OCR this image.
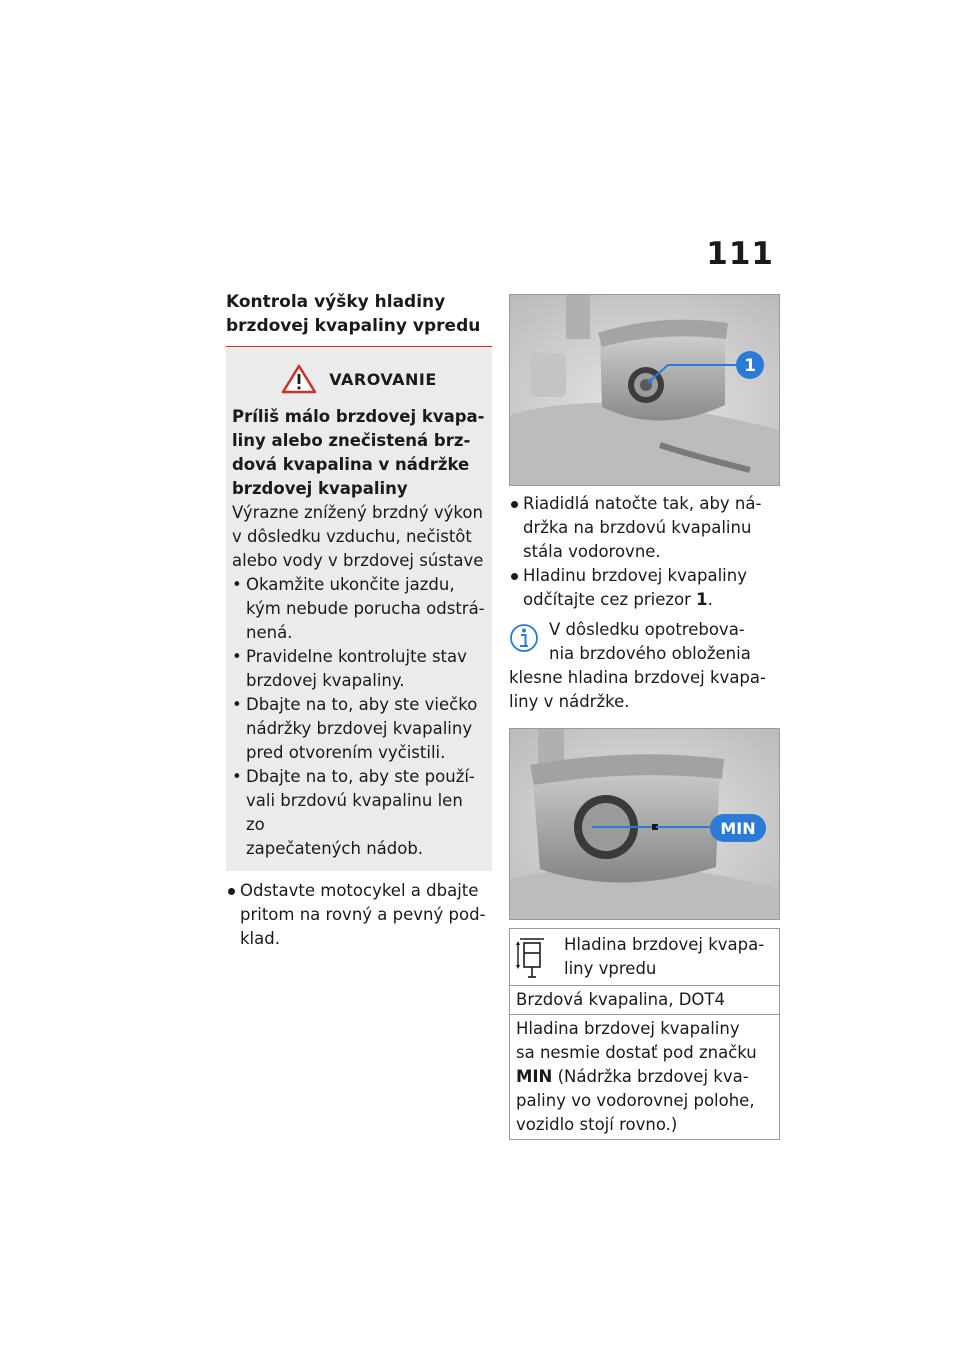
111
Kontrola výšky hladiny
brzdovej kvapaliny vpredu
VAROVANIE
Príliš málo brzdovej kvapa-
liny alebo znečistená brz-
dová kvapalina v nádržke
brzdovej kvapaliny
Výrazne znížený brzdný výkon
v dôsledku vzduchu, nečistôt
alebo vody v brzdovej sústave
• Okamžite ukončite jazdu,
kým nebude porucha odstrá-
nená.
• Pravidelne kontrolujte stav
brzdovej kvapaliny.
• Dbajte na to, aby ste viečko
nádržky brzdovej kvapaliny
pred otvorením vyčistili.
• Dbajte na to, aby ste použí-
vali brzdovú kvapalinu len zo
zapečatených nádob.
Odstavte motocykel a dbajte
pritom na rovný a pevný pod-
klad.
1
Riadidlá natočte tak, aby ná-
držka na brzdovú kvapalinu
stála vodorovne.
Hladinu brzdovej kvapaliny
odčítajte cez priezor 1.
V dôsledku opotrebova-
nia brzdového obloženia
klesne hladina brzdovej kvapa-
liny v nádržke.
MIN
Hladina brzdovej kvapa-
liny vpredu
Brzdová kvapalina, DOT4
Hladina brzdovej kvapaliny
sa nesmie dostať pod značku
MIN (Nádržka brzdovej kva-
paliny vo vodorovnej polohe,
vozidlo stojí rovno.)
